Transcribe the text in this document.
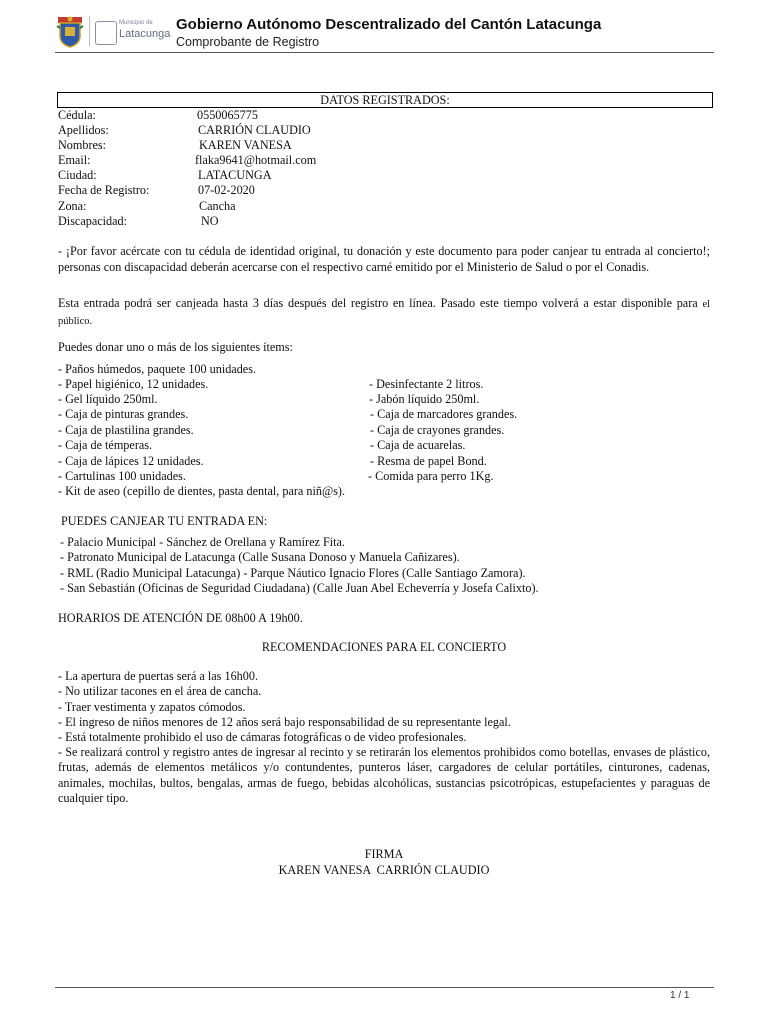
Municipio de
Latacunga
Gobierno Autónomo Descentralizado del Cantón Latacunga
Comprobante de Registro
DATOS REGISTRADOS:
Cédula:	0550065775
Apellidos:	CARRIÓN CLAUDIO
Nombres:	KAREN VANESA
Email:	flaka9641@hotmail.com
Ciudad:	LATACUNGA
Fecha de Registro:	07-02-2020
Zona:	Cancha
Discapacidad:	NO
- ¡Por favor acércate con tu cédula de identidad original, tu donación y este documento para poder canjear tu entrada al concierto!; personas con discapacidad deberán acercarse con el respectivo carné emitido por el Ministerio de Salud o por el Conadis.
Esta entrada podrá ser canjeada hasta 3 días después del registro en línea. Pasado este tiempo volverá a estar disponible para el público.
Puedes donar uno o más de los siguientes ítems:
- Paños húmedos, paquete 100 unidades.
- Papel higiénico, 12 unidades.
- Gel líquido 250ml.
- Caja de pinturas grandes.
- Caja de plastilina grandes.
- Caja de témperas.
- Caja de lápices 12 unidades.
- Cartulinas 100 unidades.
- Kit de aseo (cepillo de dientes, pasta dental, para niñ@s).
- Desinfectante 2 litros.
- Jabón líquido 250ml.
- Caja de marcadores grandes.
- Caja de crayones grandes.
- Caja de acuarelas.
- Resma de papel Bond.
- Comida para perro 1Kg.
PUEDES CANJEAR TU ENTRADA EN:
- Palacio Municipal - Sánchez de Orellana y Ramírez Fita.
- Patronato Municipal de Latacunga (Calle Susana Donoso y Manuela Cañizares).
- RML (Radio Municipal Latacunga) - Parque Náutico Ignacio Flores (Calle Santiago Zamora).
- San Sebastián (Oficinas de Seguridad Ciudadana) (Calle Juan Abel Echeverría y Josefa Calixto).
HORARIOS DE ATENCIÓN DE 08h00 A 19h00.
RECOMENDACIONES PARA EL CONCIERTO
- La apertura de puertas será a las 16h00.
- No utilizar tacones en el área de cancha.
- Traer vestimenta y zapatos cómodos.
- El ingreso de niños menores de 12 años será bajo responsabilidad de su representante legal.
- Está totalmente prohibido el uso de cámaras fotográficas o de video profesionales.
- Se realizará control y registro antes de ingresar al recinto y se retirarán los elementos prohibidos como botellas, envases de plástico, frutas, además de elementos metálicos y/o contundentes, punteros láser, cargadores de celular portátiles, cinturones, cadenas, animales, mochilas, bultos, bengalas, armas de fuego, bebidas alcohólicas, sustancias psicotrópicas, estupefacientes y paraguas de cualquier tipo.
FIRMA
KAREN VANESA  CARRIÓN CLAUDIO
1 / 1
